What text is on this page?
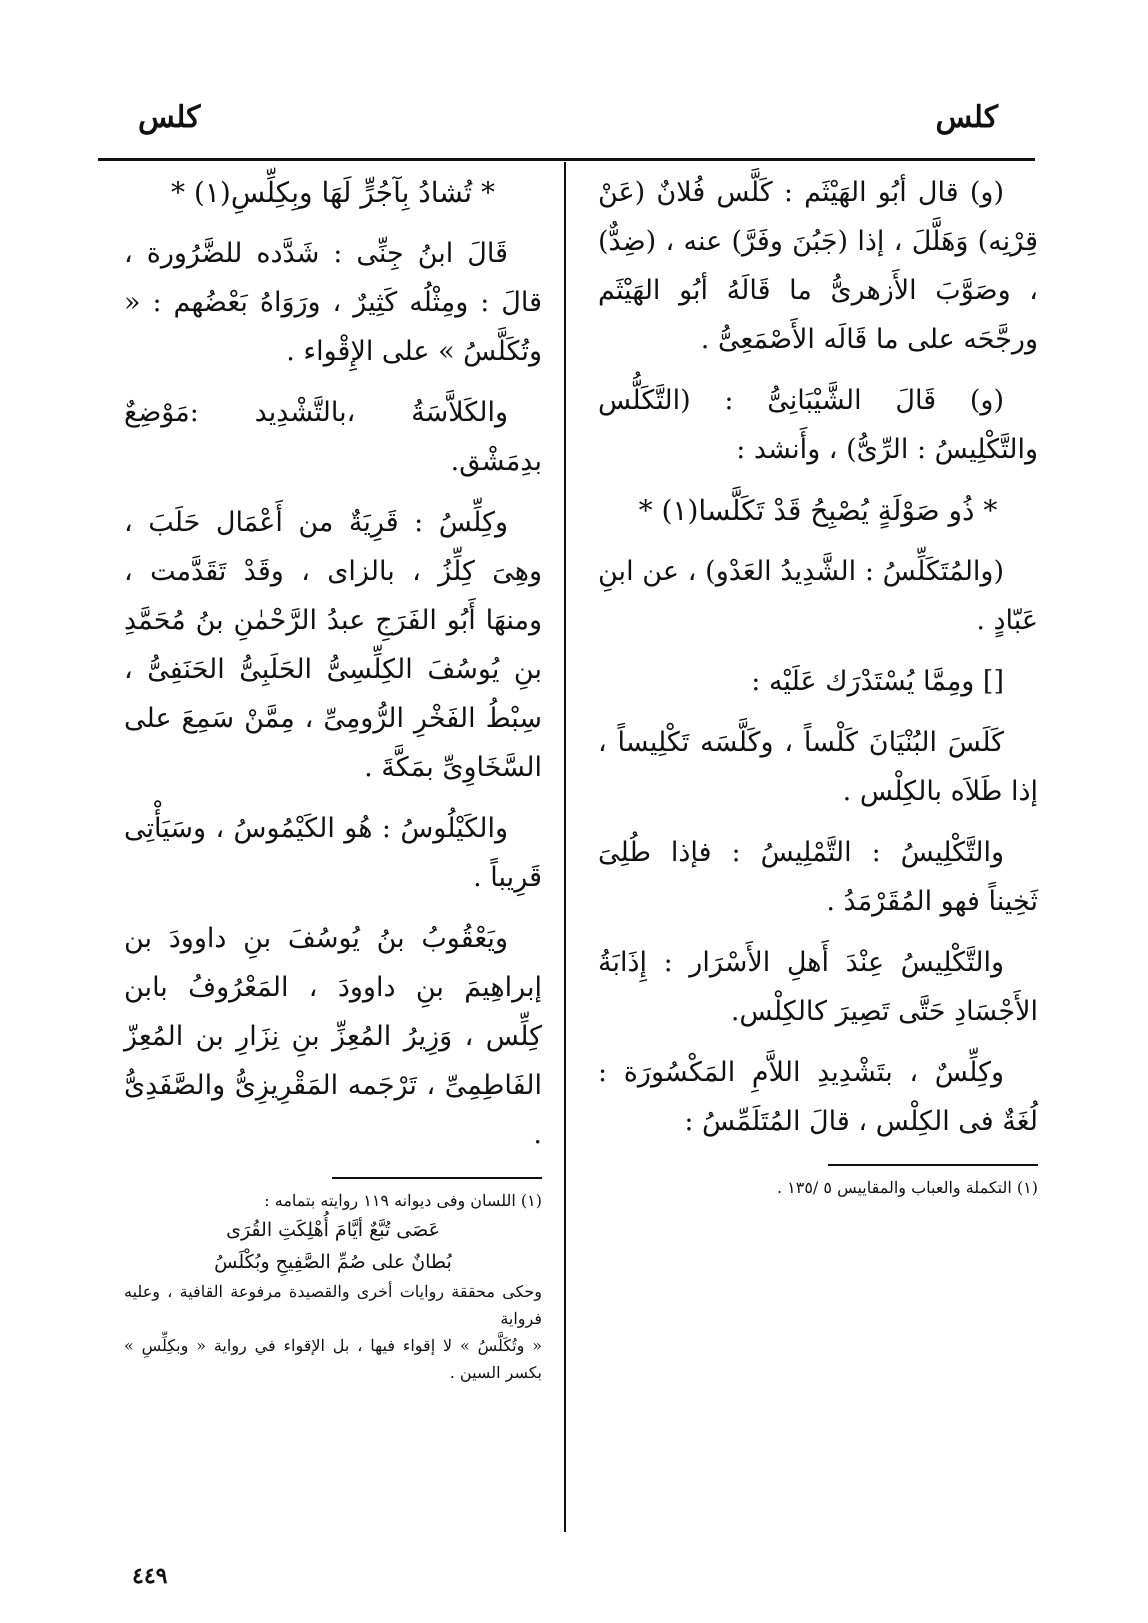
كلس	كلس

(و) قال أبُو الهَيْثَم : كَلَّس فُلانٌ (عَنْ قِرْنِه) وَهَلَّلَ ، إذا (جَبُنَ وفَرَّ) عنه ، (ضِدٌّ) ، وصَوَّبَ الأَزهرىُّ ما قَالَهُ أبُو الهَيْثَم ورجَّحَه على ما قَالَه الأَصْمَعِىُّ .

(و) قَالَ الشَّيْبَانِىُّ : (التَّكَلُّس والتَّكْلِيسُ : الرِّىُّ) ، وأَنشد :

* ذُو صَوْلَةٍ يُصْبِحُ قَدْ تَكَلَّسا(١) *

(والمُتَكَلِّسُ : الشَّدِيدُ العَدْو) ، عن ابنِ عَبّادٍ .

[] ومِمَّا يُسْتَدْرَك عَلَيْه :

كَلَسَ البُنْيَانَ كَلْساً ، وكَلَّسَه تَكْلِيساً ، إذا طَلاَه بالكِلْس .

والتَّكْلِيسُ : التَّمْلِيسُ : فإذا طُلِىَ ثَخِيناً فهو المُقَرْمَدُ .

والتَّكْلِيسُ عِنْدَ أَهلِ الأَسْرَار : إِذَابَةُ الأَجْسَادِ حَتَّى تَصِيرَ كالكِلْس.

وكِلِّسٌ ، بتَشْدِيدِ اللاَّمِ المَكْسُورَة : لُغَةٌ فى الكِلْس ، قالَ المُتَلَمِّسُ :

(١) التكملة والعباب والمقاييس ٥ /١٣٥ .

* تُشادُ بِآجُرٍّ لَهَا وبِكِلِّسِ(١) *

قَالَ ابنُ جِنِّى : شَدَّده للضَّرُورة ، قالَ : ومِثْلُه كَثِيرٌ ، ورَوَاهُ بَعْضُهم : « وتُكَلَّسُ » على الإِقْواء .

والكَلاَّسَةُ ،بالتَّشْدِيد :مَوْضِعٌ بدِمَشْق.

وكِلِّسُ : قَرِيَةٌ من أَعْمَال حَلَبَ ، وهِىَ كِلِّزُ ، بالزاى ، وقَدْ تَقَدَّمت ، ومنهَا أَبُو الفَرَجِ عبدُ الرَّحْمٰنِ بنُ مُحَمَّدِ بنِ يُوسُفَ الكِلِّسِىُّ الحَلَبِىُّ الحَنَفِىُّ ، سِبْطُ الفَخْرِ الرُّومِىِّ ، مِمَّنْ سَمِعَ على السَّخَاوِىِّ بمَكَّةَ .

والكَيْلُوسُ : هُو الكَيْمُوسُ ، وسَيَأْتِى قَرِيباً .

ويَعْقُوبُ بنُ يُوسُفَ بنِ داوودَ بن إبراهِيمَ بنِ داوودَ ، المَعْرُوفُ بابن كِلِّس ، وَزِيرُ المُعِزِّ بنِ نِزَارِ بن المُعِزّ الفَاطِمِىِّ ، تَرْجَمه المَقْرِيزِىُّ والصَّفَدِىُّ .

(١) اللسان وفى ديوانه ١١٩ روايته بتمامه :

عَصَى تُبَّعٌ أيَّامَ أُهْلِكَتِ القُرَى

بُطانٌ على صُمِّ الصَّفِيحِ وبُكْلَسُ

وحكى محققة روايات أخرى والقصيدة مرفوعة القافية ، وعليه فرواية

« وتُكَلَّسُ » لا إقواء فيها ، بل الإقواء في رواية « وبكِلِّسِ » بكسر السين .

٤٤٩
